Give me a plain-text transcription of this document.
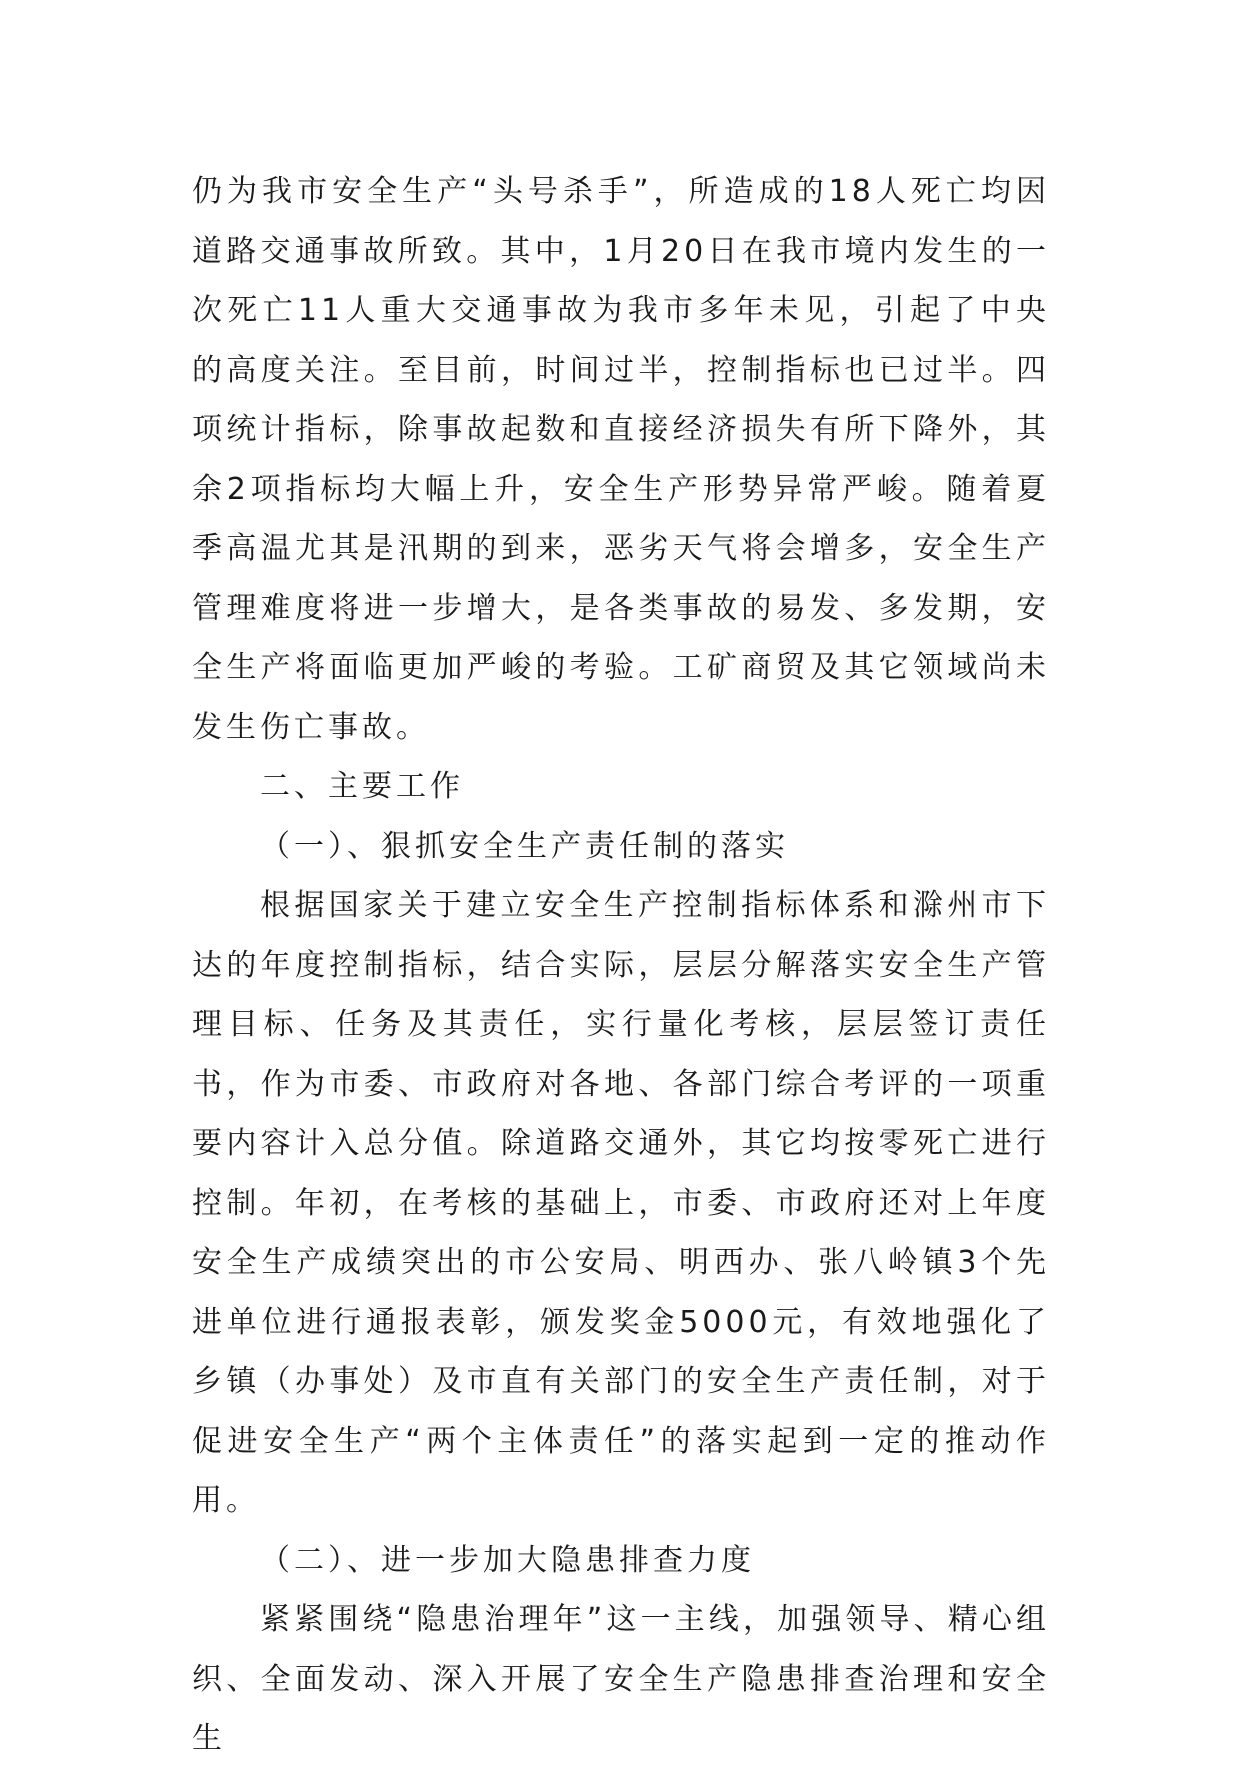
仍为我市安全生产“头号杀手”，所造成的18人死亡均因道路交通事故所致。其中，1月20日在我市境内发生的一次死亡11人重大交通事故为我市多年未见，引起了中央的高度关注。至目前，时间过半，控制指标也已过半。四项统计指标，除事故起数和直接经济损失有所下降外，其余2项指标均大幅上升，安全生产形势异常严峻。随着夏季高温尤其是汛期的到来，恶劣天气将会增多，安全生产管理难度将进一步增大，是各类事故的易发、多发期，安全生产将面临更加严峻的考验。工矿商贸及其它领域尚未发生伤亡事故。

二、主要工作

（一）、狠抓安全生产责任制的落实

根据国家关于建立安全生产控制指标体系和滁州市下达的年度控制指标，结合实际，层层分解落实安全生产管理目标、任务及其责任，实行量化考核，层层签订责任书，作为市委、市政府对各地、各部门综合考评的一项重要内容计入总分值。除道路交通外，其它均按零死亡进行控制。年初，在考核的基础上，市委、市政府还对上年度安全生产成绩突出的市公安局、明西办、张八岭镇3个先进单位进行通报表彰，颁发奖金5000元，有效地强化了乡镇（办事处）及市直有关部门的安全生产责任制，对于促进安全生产“两个主体责任”的落实起到一定的推动作用。

（二）、进一步加大隐患排查力度

紧紧围绕“隐患治理年”这一主线，加强领导、精心组织、全面发动、深入开展了安全生产隐患排查治理和安全生
